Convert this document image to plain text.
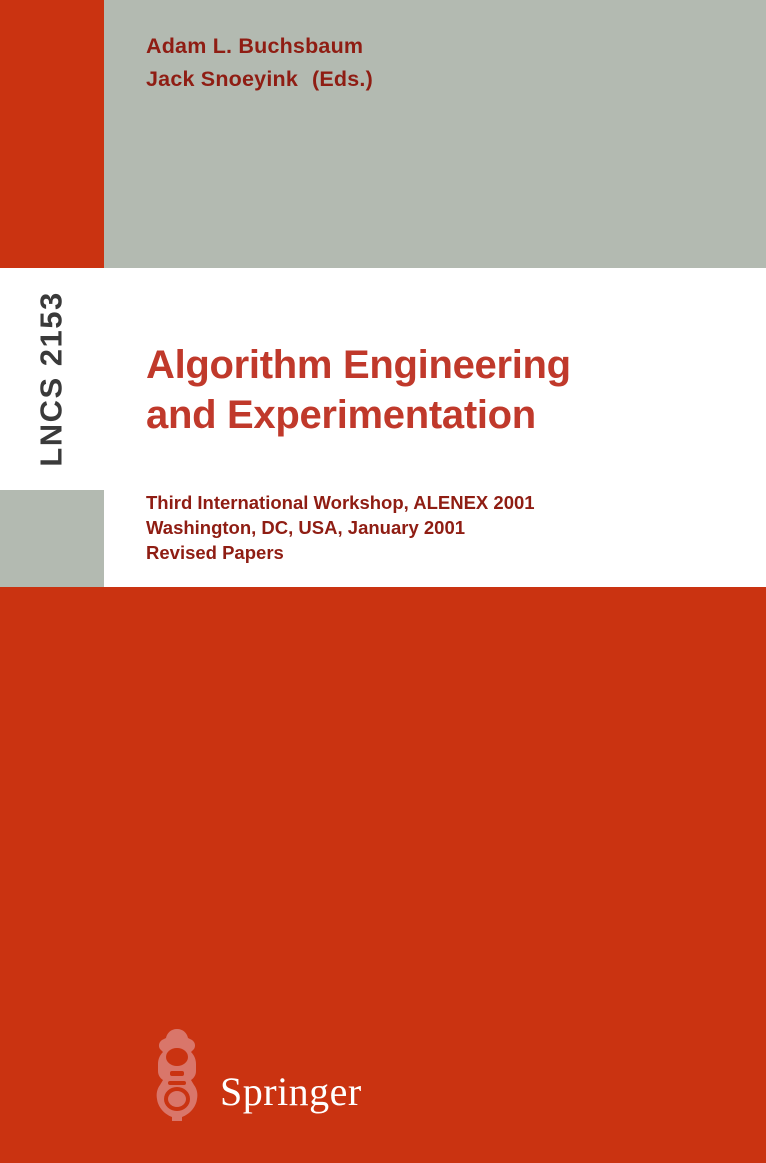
LNCS 2153
Adam L. Buchsbaum
Jack Snoeyink (Eds.)
Algorithm Engineering
and Experimentation
Third International Workshop, ALENEX 2001
Washington, DC, USA, January 2001
Revised Papers
Springer
